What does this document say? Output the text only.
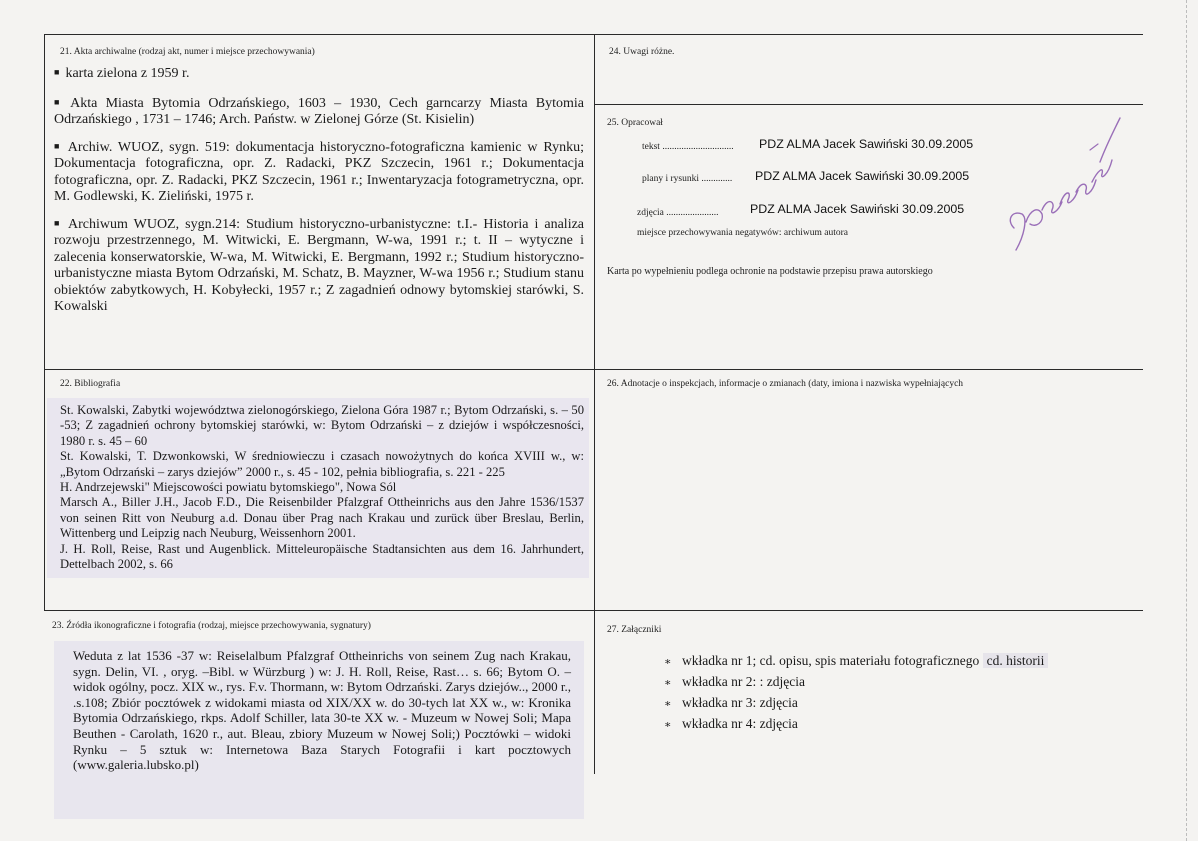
21. Akta archiwalne (rodzaj akt, numer i miejsce przechowywania)

■ karta zielona z 1959 r.

■ Akta Miasta Bytomia Odrzańskiego, 1603 – 1930, Cech garncarzy Miasta Bytomia Odrzańskiego , 1731 – 1746; Arch. Państw. w Zielonej Górze (St. Kisielin)

■ Archiw. WUOZ, sygn. 519: dokumentacja historyczno-fotograficzna kamienic w Rynku; Dokumentacja fotograficzna, opr. Z. Radacki, PKZ Szczecin, 1961 r.; Dokumentacja fotograficzna, opr. Z. Radacki, PKZ Szczecin, 1961 r.; Inwentaryzacja fotogrametryczna, opr. M. Godlewski, K. Zieliński, 1975 r.

■ Archiwum WUOZ, sygn.214: Studium historyczno-urbanistyczne: t.I.- Historia i analiza rozwoju przestrzennego, M. Witwicki, E. Bergmann, W-wa, 1991 r.; t. II – wytyczne i zalecenia konserwatorskie, W-wa, M. Witwicki, E. Bergmann, 1992 r.; Studium historyczno-urbanistyczne miasta Bytom Odrzański, M. Schatz, B. Mayzner, W-wa 1956 r.; Studium stanu obiektów zabytkowych, H. Kobyłecki, 1957 r.; Z zagadnień odnowy bytomskiej starówki, S. Kowalski

22. Bibliografia

St. Kowalski, Zabytki województwa zielonogórskiego, Zielona Góra 1987 r.; Bytom Odrzański, s. – 50 -53; Z zagadnień ochrony bytomskiej starówki, w: Bytom Odrzański – z dziejów i współczesności, 1980 r. s. 45 – 60

St. Kowalski, T. Dzwonkowski, W średniowieczu i czasach nowożytnych do końca XVIII w., w: „Bytom Odrzański – zarys dziejów” 2000 r., s. 45 - 102, pełnia bibliografia, s. 221 - 225

H. Andrzejewski" Miejscowości powiatu bytomskiego", Nowa Sól

Marsch A., Biller J.H., Jacob F.D., Die Reisenbilder Pfalzgraf Ottheinrichs aus den Jahre 1536/1537 von seinen Ritt von Neuburg a.d. Donau über Prag nach Krakau und zurück über Breslau, Berlin, Wittenberg und Leipzig nach Neuburg, Weissenhorn 2001.

J. H. Roll, Reise, Rast und Augenblick. Mitteleuropäische Stadtansichten aus dem 16. Jahrhundert, Dettelbach 2002, s. 66

23. Źródła ikonograficzne i fotografia (rodzaj, miejsce przechowywania, sygnatury)

Weduta z lat 1536 -37 w: Reiselalbum Pfalzgraf Ottheinrichs von seinem Zug nach Krakau, sygn. Delin, VI. , oryg. –Bibl. w Würzburg ) w: J. H. Roll, Reise, Rast… s. 66; Bytom O. – widok ogólny, pocz. XIX w., rys. F.v. Thormann, w: Bytom Odrzański. Zarys dziejów.., 2000 r., .s.108; Zbiór pocztówek z widokami miasta od XIX/XX w. do 30-tych lat XX w., w: Kronika Bytomia Odrzańskiego, rkps. Adolf Schiller, lata 30-te XX w. - Muzeum w Nowej Soli; Mapa Beuthen - Carolath, 1620 r., aut. Bleau, zbiory Muzeum w Nowej Soli;) Pocztówki – widoki Rynku – 5 sztuk w: Internetowa Baza Starych Fotografii i kart pocztowych (www.galeria.lubsko.pl)

24. Uwagi różne.
25. Opracował
tekst .............................. PDZ ALMA Jacek Sawiński 30.09.2005
plany i rysunki ............. PDZ ALMA Jacek Sawiński 30.09.2005
zdjęcia ......................	PDZ ALMA Jacek Sawiński 30.09.2005
miejsce przechowywania negatywów: archiwum autora
Karta po wypełnieniu podlega ochronie na podstawie przepisu prawa autorskiego
26. Adnotacje o inspekcjach, informacje o zmianach (daty, imiona i nazwiska wypełniających
27. Załączniki

∗ wkładka nr 1; cd. opisu, spis materiału fotograficznego cd. historii

∗ wkładka nr 2: : zdjęcia

∗ wkładka nr 3: zdjęcia

∗ wkładka nr 4: zdjęcia
